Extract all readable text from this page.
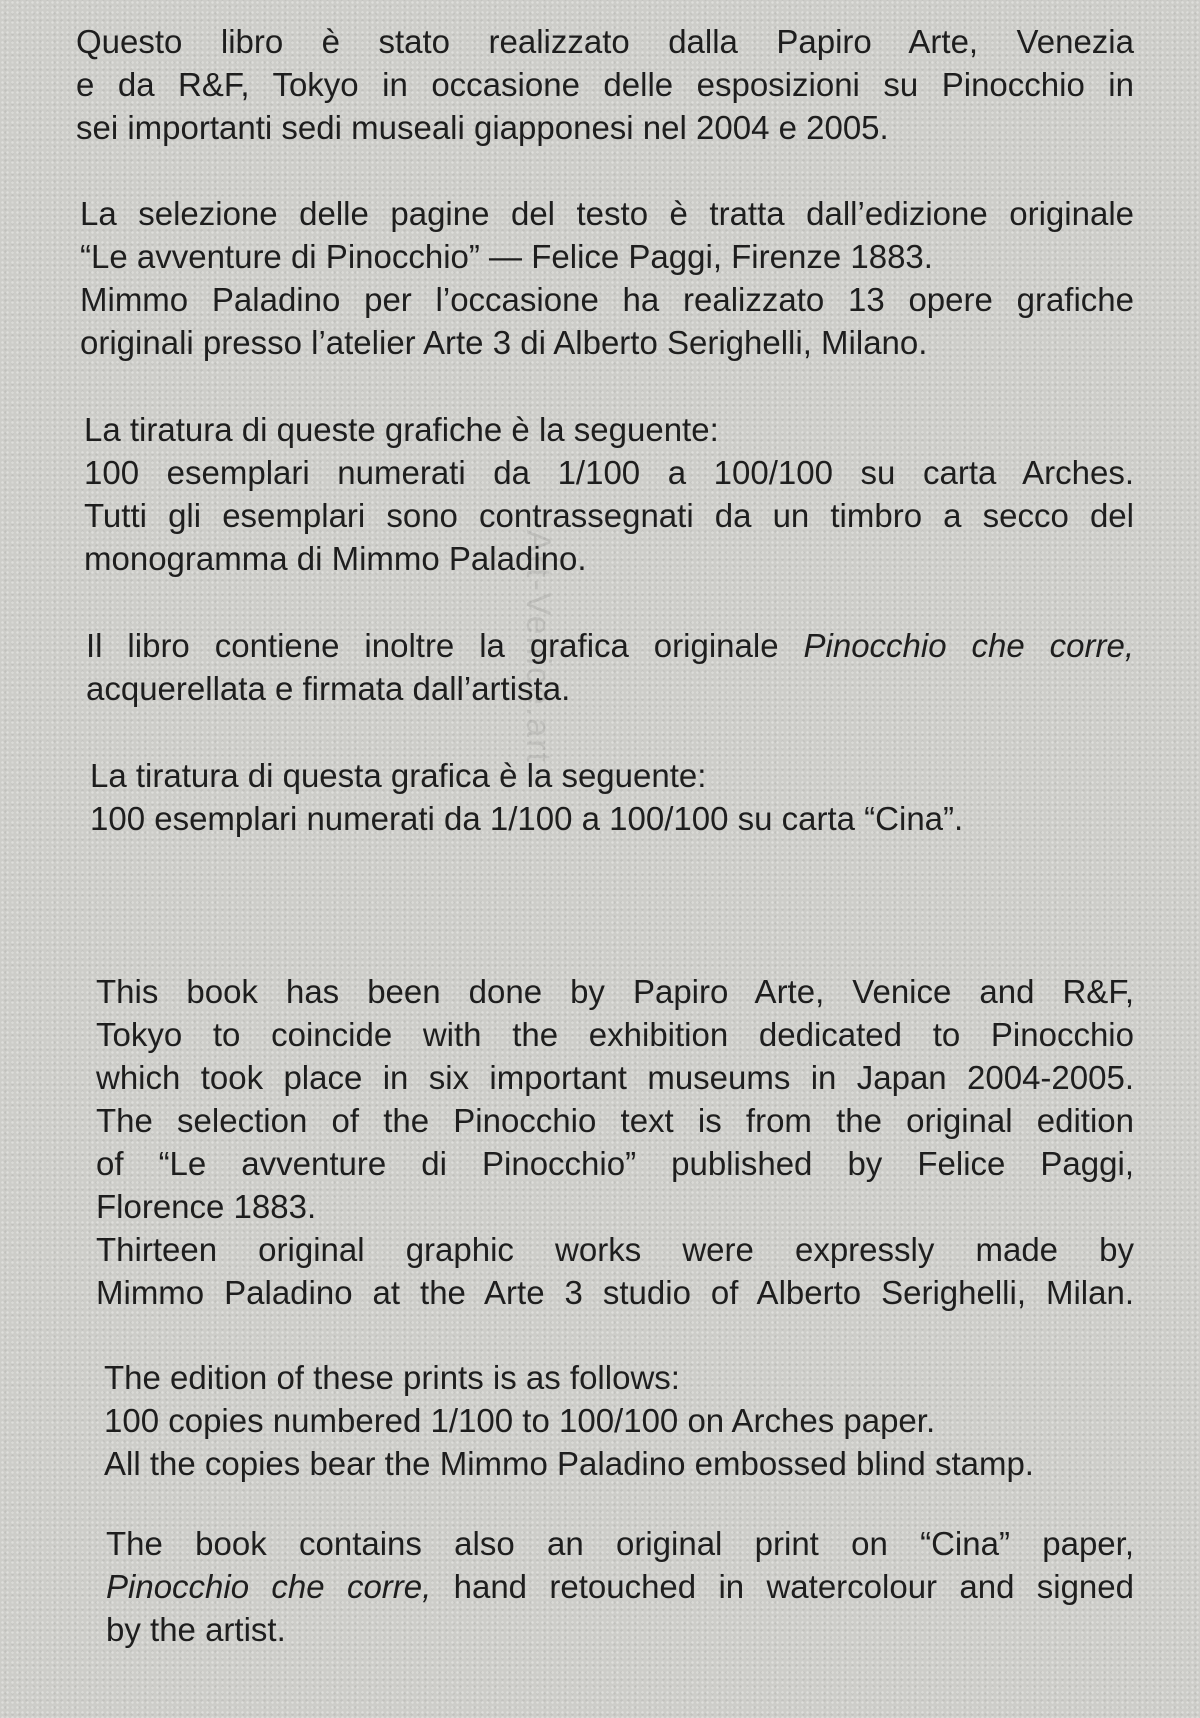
Art-Venice.art

Questo libro è stato realizzato dalla Papiro Arte, Venezia

e da R&F, Tokyo in occasione delle esposizioni su Pinocchio in

sei importanti sedi museali giapponesi nel 2004 e 2005.

La selezione delle pagine del testo è tratta dall’edizione originale

“Le avventure di Pinocchio” — Felice Paggi, Firenze 1883.

Mimmo Paladino per l’occasione ha realizzato 13 opere grafiche

originali presso l’atelier Arte 3 di Alberto Serighelli, Milano.

La tiratura di queste grafiche è la seguente:

100 esemplari numerati da 1/100 a 100/100 su carta Arches.

Tutti gli esemplari sono contrassegnati da un timbro a secco del

monogramma di Mimmo Paladino.

Il libro contiene inoltre la grafica originale Pinocchio che corre,

acquerellata e firmata dall’artista.

La tiratura di questa grafica è la seguente:

100 esemplari numerati da 1/100 a 100/100 su carta “Cina”.

This book has been done by Papiro Arte, Venice and R&F,

Tokyo to coincide with the exhibition dedicated to Pinocchio

which took place in six important museums in Japan 2004-2005.

The selection of the Pinocchio text is from the original edition

of “Le avventure di Pinocchio” published by Felice Paggi,

Florence 1883.

Thirteen original graphic works were expressly made by

Mimmo Paladino at the Arte 3 studio of Alberto Serighelli, Milan.

The edition of these prints is as follows:

100 copies numbered 1/100 to 100/100 on Arches paper.

All the copies bear the Mimmo Paladino embossed blind stamp.

The book contains also an original print on “Cina” paper,

Pinocchio che corre, hand retouched in watercolour and signed

by the artist.
